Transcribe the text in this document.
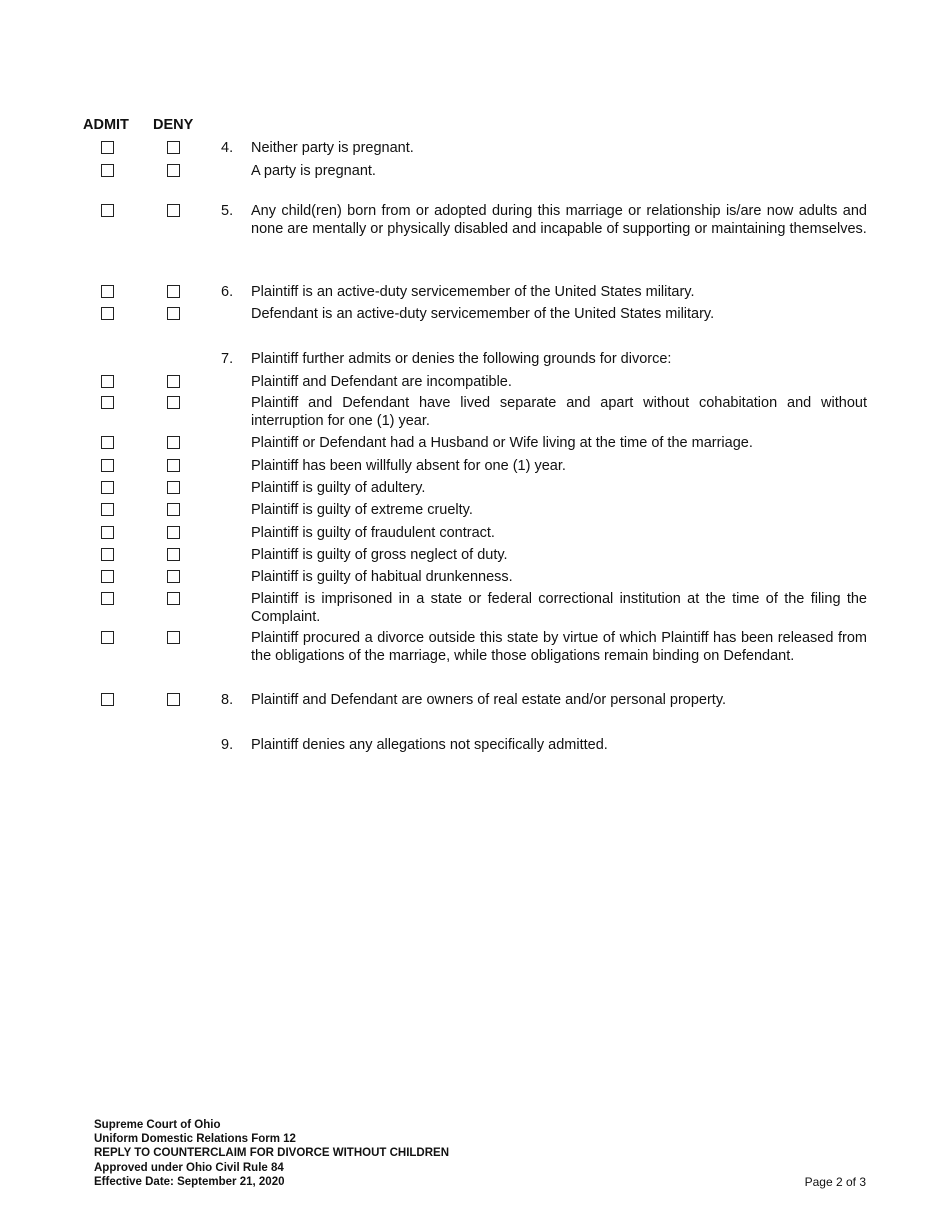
ADMIT DENY
4. Neither party is pregnant.
A party is pregnant.
5. Any child(ren) born from or adopted during this marriage or relationship is/are now adults and none are mentally or physically disabled and incapable of supporting or maintaining themselves.
6. Plaintiff is an active-duty servicemember of the United States military.
Defendant is an active-duty servicemember of the United States military.
7. Plaintiff further admits or denies the following grounds for divorce:
Plaintiff and Defendant are incompatible.
Plaintiff and Defendant have lived separate and apart without cohabitation and without interruption for one (1) year.
Plaintiff or Defendant had a Husband or Wife living at the time of the marriage.
Plaintiff has been willfully absent for one (1) year.
Plaintiff is guilty of adultery.
Plaintiff is guilty of extreme cruelty.
Plaintiff is guilty of fraudulent contract.
Plaintiff is guilty of gross neglect of duty.
Plaintiff is guilty of habitual drunkenness.
Plaintiff is imprisoned in a state or federal correctional institution at the time of the filing the Complaint.
Plaintiff procured a divorce outside this state by virtue of which Plaintiff has been released from the obligations of the marriage, while those obligations remain binding on Defendant.
8. Plaintiff and Defendant are owners of real estate and/or personal property.
9. Plaintiff denies any allegations not specifically admitted.
Supreme Court of Ohio
Uniform Domestic Relations Form 12
REPLY TO COUNTERCLAIM FOR DIVORCE WITHOUT CHILDREN
Approved under Ohio Civil Rule 84
Effective Date: September 21, 2020	Page 2 of 3
